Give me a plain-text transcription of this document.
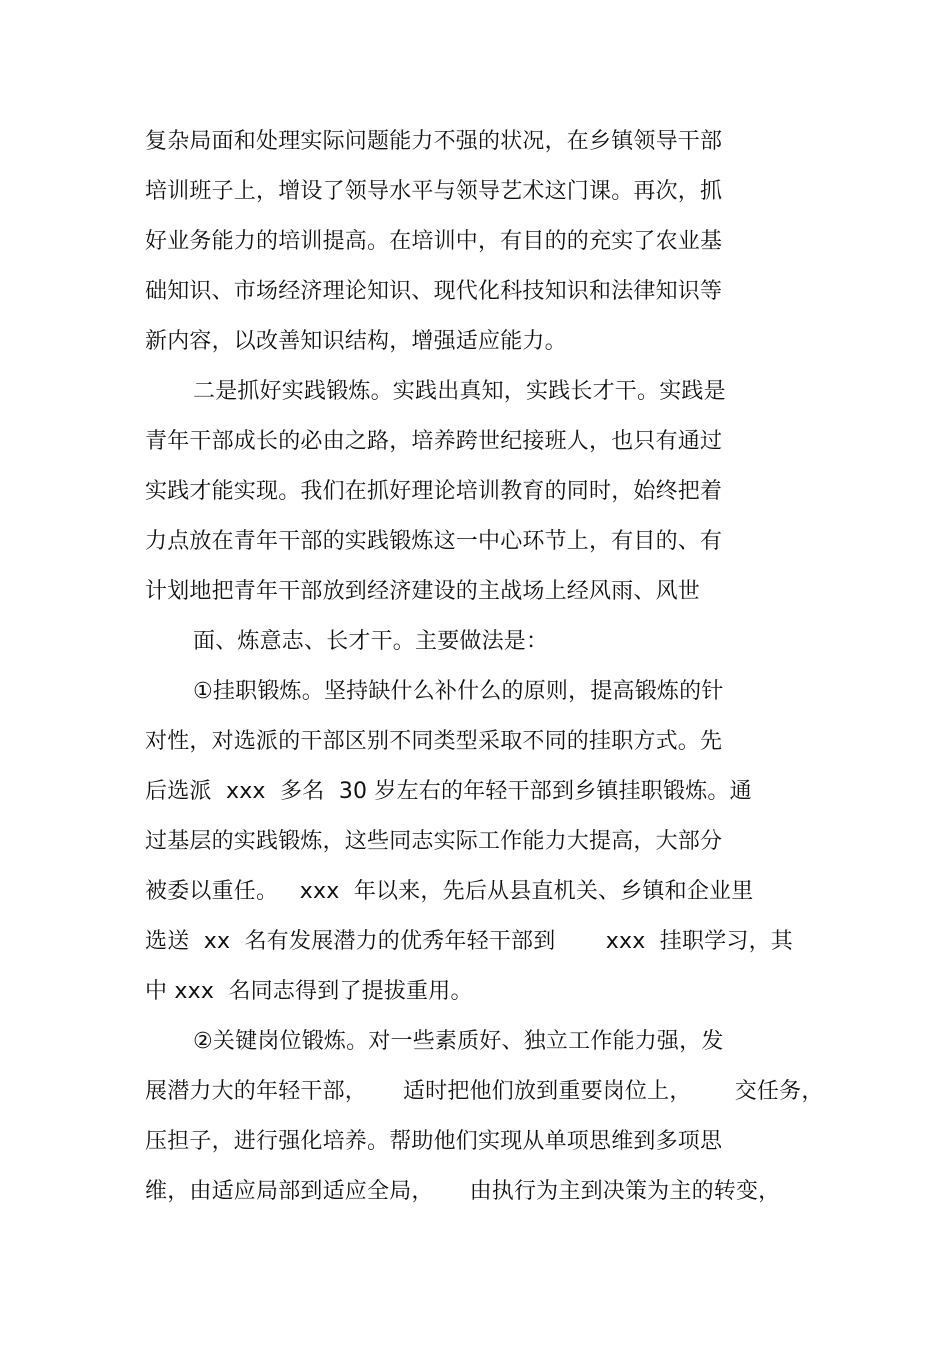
复杂局面和处理实际问题能力不强的状况，在乡镇领导干部
培训班子上，增设了领导水平与领导艺术这门课。再次，抓
好业务能力的培训提高。在培训中，有目的的充实了农业基
础知识、市场经济理论知识、现代化科技知识和法律知识等
新内容，以改善知识结构，增强适应能力。
二是抓好实践锻炼。实践出真知，实践长才干。实践是
青年干部成长的必由之路，培养跨世纪接班人，也只有通过
实践才能实现。我们在抓好理论培训教育的同时，始终把着
力点放在青年干部的实践锻炼这一中心环节上，有目的、有
计划地把青年干部放到经济建设的主战场上经风雨、风世
面、炼意志、长才干。主要做法是：
①挂职锻炼。坚持缺什么补什么的原则，提高锻炼的针
对性，对选派的干部区别不同类型采取不同的挂职方式。先
后选派  xxx  多名  30 岁左右的年轻干部到乡镇挂职锻炼。通
过基层的实践锻炼，这些同志实际工作能力大提高，大部分
被委以重任。   xxx  年以来，先后从县直机关、乡镇和企业里
选送  xx  名有发展潜力的优秀年轻干部到       xxx  挂职学习，其
中 xxx  名同志得到了提拔重用。
②关键岗位锻炼。对一些素质好、独立工作能力强，发
展潜力大的年轻干部，     适时把他们放到重要岗位上，      交任务，
压担子，进行强化培养。帮助他们实现从单项思维到多项思
维，由适应局部到适应全局，     由执行为主到决策为主的转变，
